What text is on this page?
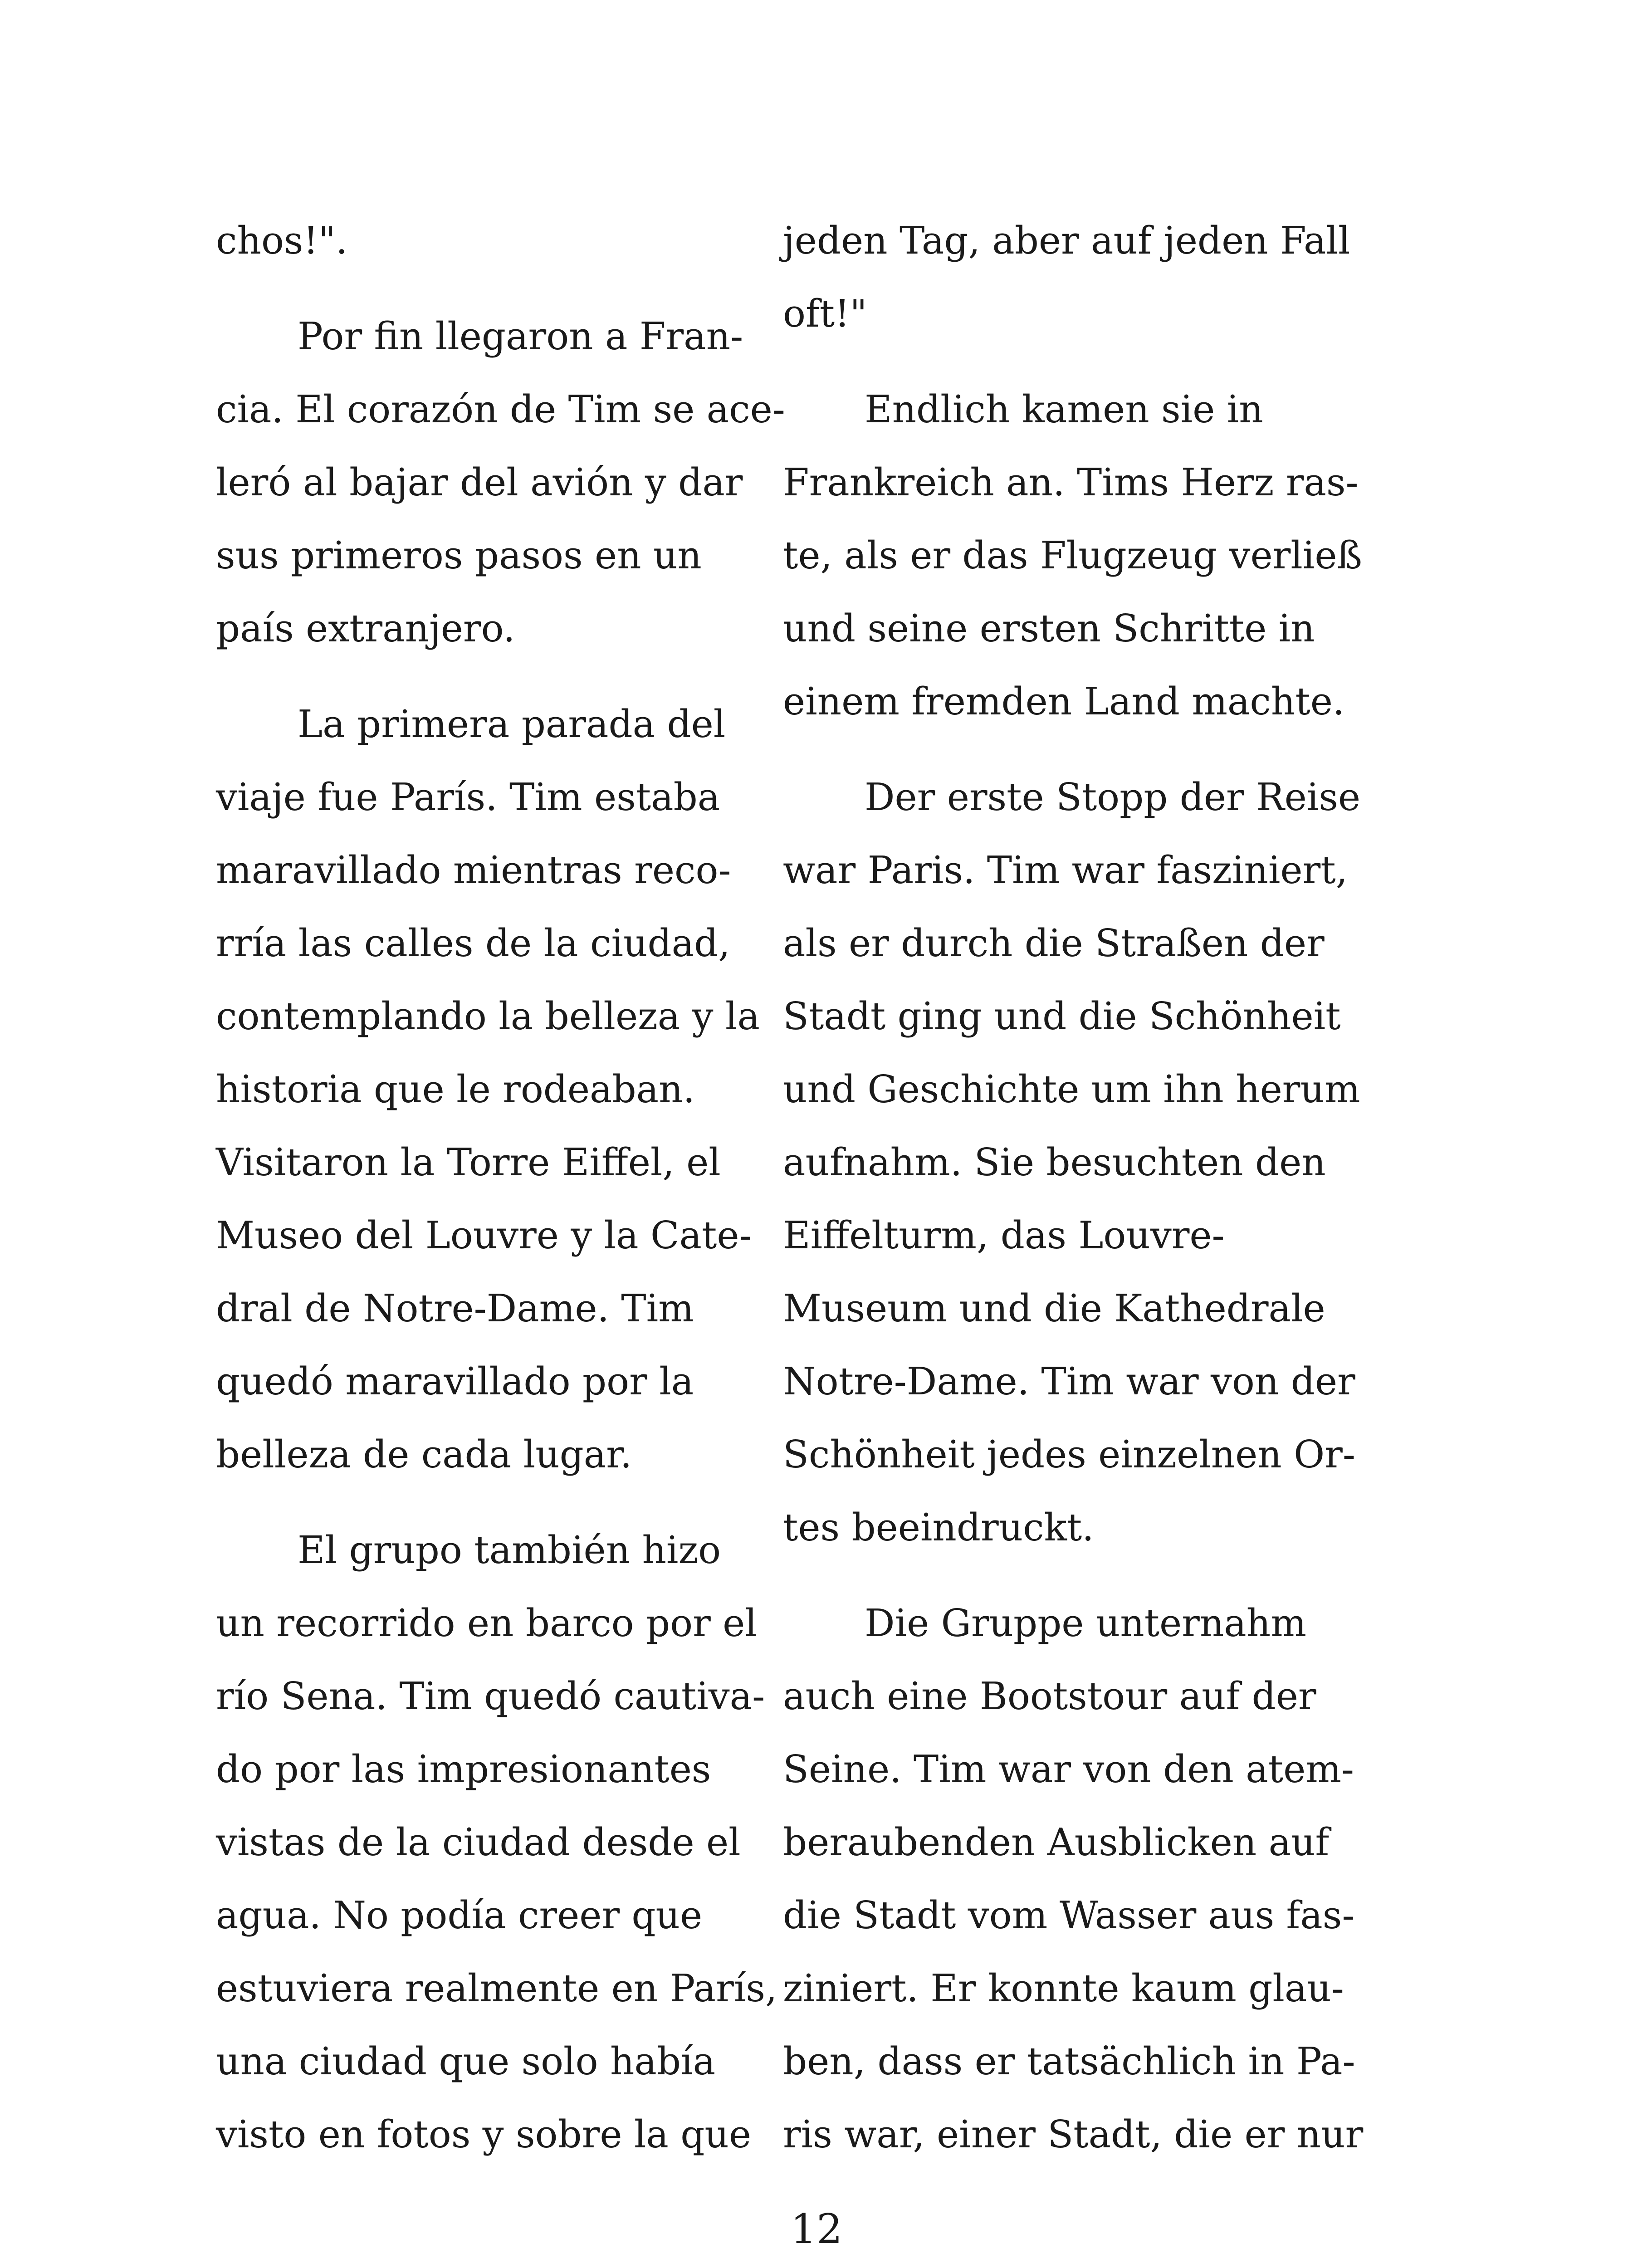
chos!".

Por fin llegaron a Fran-
cia. El corazón de Tim se ace-
leró al bajar del avión y dar
sus primeros pasos en un
país extranjero.

La primera parada del
viaje fue París. Tim estaba
maravillado mientras reco-
rría las calles de la ciudad,
contemplando la belleza y la
historia que le rodeaban.
Visitaron la Torre Eiffel, el
Museo del Louvre y la Cate-
dral de Notre-Dame. Tim
quedó maravillado por la
belleza de cada lugar.

El grupo también hizo
un recorrido en barco por el
río Sena. Tim quedó cautiva-
do por las impresionantes
vistas de la ciudad desde el
agua. No podía creer que
estuviera realmente en París,
una ciudad que solo había
visto en fotos y sobre la que

jeden Tag, aber auf jeden Fall
oft!"

Endlich kamen sie in
Frankreich an. Tims Herz ras-
te, als er das Flugzeug verließ
und seine ersten Schritte in
einem fremden Land machte.

Der erste Stopp der Reise
war Paris. Tim war fasziniert,
als er durch die Straßen der
Stadt ging und die Schönheit
und Geschichte um ihn herum
aufnahm. Sie besuchten den
Eiffelturm, das Louvre-
Museum und die Kathedrale
Notre-Dame. Tim war von der
Schönheit jedes einzelnen Or-
tes beeindruckt.

Die Gruppe unternahm
auch eine Bootstour auf der
Seine. Tim war von den atem-
beraubenden Ausblicken auf
die Stadt vom Wasser aus fas-
ziniert. Er konnte kaum glau-
ben, dass er tatsächlich in Pa-
ris war, einer Stadt, die er nur

12
